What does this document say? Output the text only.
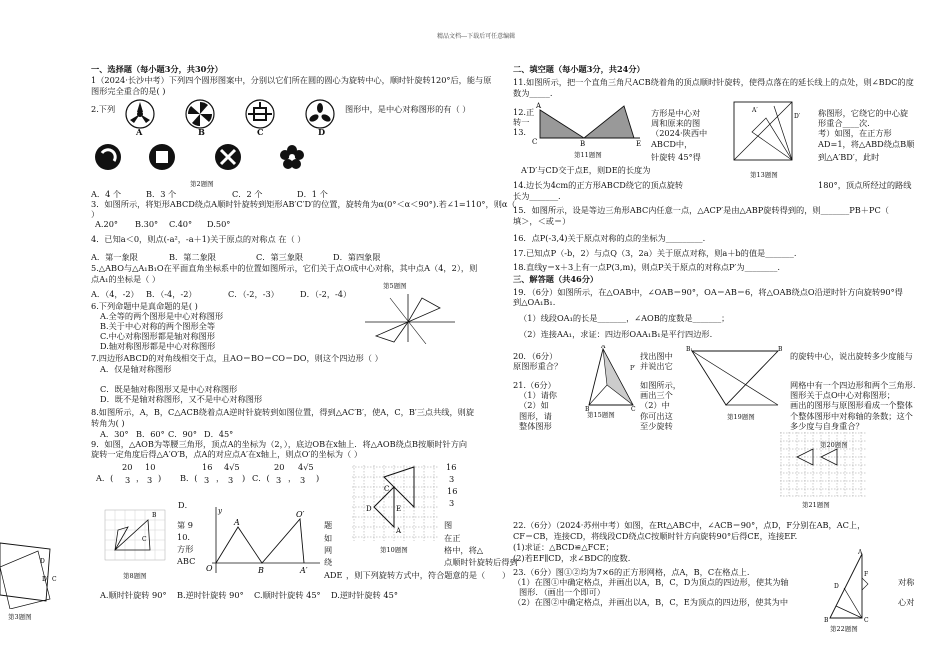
精品文档---下载后可任意编辑
一、选择题（每小题3分，共30分）
1（2024·长沙中考）下列四个圆形图案中，分别以它们所在圆的圆心为旋转中心，顺时针旋转120°后，能与原
图形完全重合的是( )
2.下列	图形中，是中心对称图形的有（ ）
A	B	C	D
第2题图
A．4 个	B．3 个	C．2 个	D．1 个
3．如图所示，将矩形ABCD绕点A顺时针旋转到矩形AB′C′D′的位置，旋转角为α(0°＜α＜90°).若∠1=110°，则α（
）
A.20° B.30° C.40° D.50°
4．已知a＜0，则点(-a²，-a＋1)关于原点的对称点 在（ ）
A．第一象限	B．第二象限	C．第三象限	D．第四象限
5.△ABO与△A₁B₁O在平面直角坐标系中的位置如图所示，它们关于点O成中心对称，其中点A（4，2），则
点A₁的坐标是（ ）
第5题图
A．（4，-2） B．（-4，-2）	C．（-2，-3）	D．（-2，-4）
6.下列命题中是真命题的是( )
A.全等的两个图形是中心对称图形
B.关于中心对称的两个图形全等
C.中心对称图形都是轴对称图形
D.轴对称图形都是中心对称图形
7.四边形ABCD的对角线相交于点，且AO＝BO＝CO＝DO，则这个四边形（ ）
A．仅是轴对称图形
C．既是轴对称图形又是中心对称图形
D．既不是轴对称图形，又不是中心对称图形
8.如图所示，A，B，C△ACB绕着点A逆时针旋转到如图位置，得到△AC′B′，使A，C，B′三点共线，则旋
转角为( )
A．30° B．60° C．90° D．45°
9．如图，△AOB为等腰三角形，顶点A的坐标为（2，），底边OB在x轴上．将△AOB绕点B按顺时针方向
旋转一定角度后得△A′O′B，点A的对应点A′在x轴上，则点O′的坐标为（ ）
A．(
20
3 ，
10
3 ) B．(
16
3 ，
4√5
3 ) C．(
20
3 ，
4√5
3 )
D．
16
3
16
3
C
B
第8题图
第 9
10.
方形
ABC
题
如
网
绕
ADE ，则下列旋转方式中，符合题意的是（ ）
图
在正
格中，将△
点顺时针旋转后得到
A
O′
O	B	A′
y
C
D	E
A
第10题图
A.顺时针旋转 90° B.逆时针旋转 90° C.顺时针旋转 45° D.逆时针旋转 45°
D
D′ C
第3题图
二、填空题（每小题3分，共24分）
11.如图所示，把一个直角三角尺ACB绕着角的顶点顺时针旋转，使得点落在的延长线上的点处，则∠BDC的度
数为_____.
A
C	B	E
12.正
转一
13.
方形是中心对
周和原来的图
（2024·陕西中
ABCD中，
针旋转 45°得
第11题图
A′D′与CD交于点E，则DE的长度为
A′
D′
第13题图
称图形，它绕它的中心旋
形重合____次.
考）如图，在正方形
AD=1，将△ABD绕点B顺
到△A′BD′，此时
14.边长为4cm的正方形ABCD绕它的顶点旋转	180°，顶点所经过的路线
长为_______.
15．如图所示，设是等边三角形ABC内任意一点，△ACP′是由△ABP旋转得到的，则_______PB＋PC（
填＞，＜或＝）
16．点P(-3,4)关于原点对称的点的坐标为_________.
17.已知点P（-b，2）与点Q（3，2a）关于原点对称，则a＋b的值是_______.
18.直线y＝x＋3上有一点P(3,m)，则点P关于原点的对称点P′为________.
三、解答题（共46分）
19．（6分）如图所示，在△OAB中，∠OAB＝90°，OA＝AB＝6，将△OAB绕点O沿逆时针方向旋转90°得
到△OA₁B₁.
（1）线段OA₁的长是_______，∠AOB的度数是_______；
（2）连接AA₁，求证：四边形OAA₁B₁是平行四边形.
20．（6分）
原图形重合？
找出图中
并说出它
的旋转中心，说出旋转多少度能与
A
B	C
P′
第15题图
B₁	B
第19题图
21.（6分）
（1）请你
（2）如
图形，请
整体图形
如图所示，
画出三个
（2）中
你可出这
至少旋转
网格中有一个四边形和两个三角形.
图形关于点O中心对称图形；
画出的图形与原图形看成一个整体
个整体图形中对称轴的条数；这个
多少度与自身重合？
第20题图
第21题图
22.（6分）（2024·苏州中考）如图，在Rt△ABC中，∠ACB＝90°，点D，F分别在AB，AC上，
CF＝CB，连接CD，将线段CD绕点C按顺时针方向旋转90°后得CE，连接EF.
(1)求证：△BCD≌△FCE；
(2)若EF∥CD，求∠BDC的度数.
23.（6分）图①②均为7×6的正方形网格，点A，B，C在格点上.
（1）在图①中确定格点，并画出以A，B，C，D为顶点的四边形，使其为轴	对称
图形．（画出一个即可）
（2）在图②中确定格点，并画出以A，B，C，E为顶点的四边形，使其为中	心对
A
B	C
F
D
第22题图
